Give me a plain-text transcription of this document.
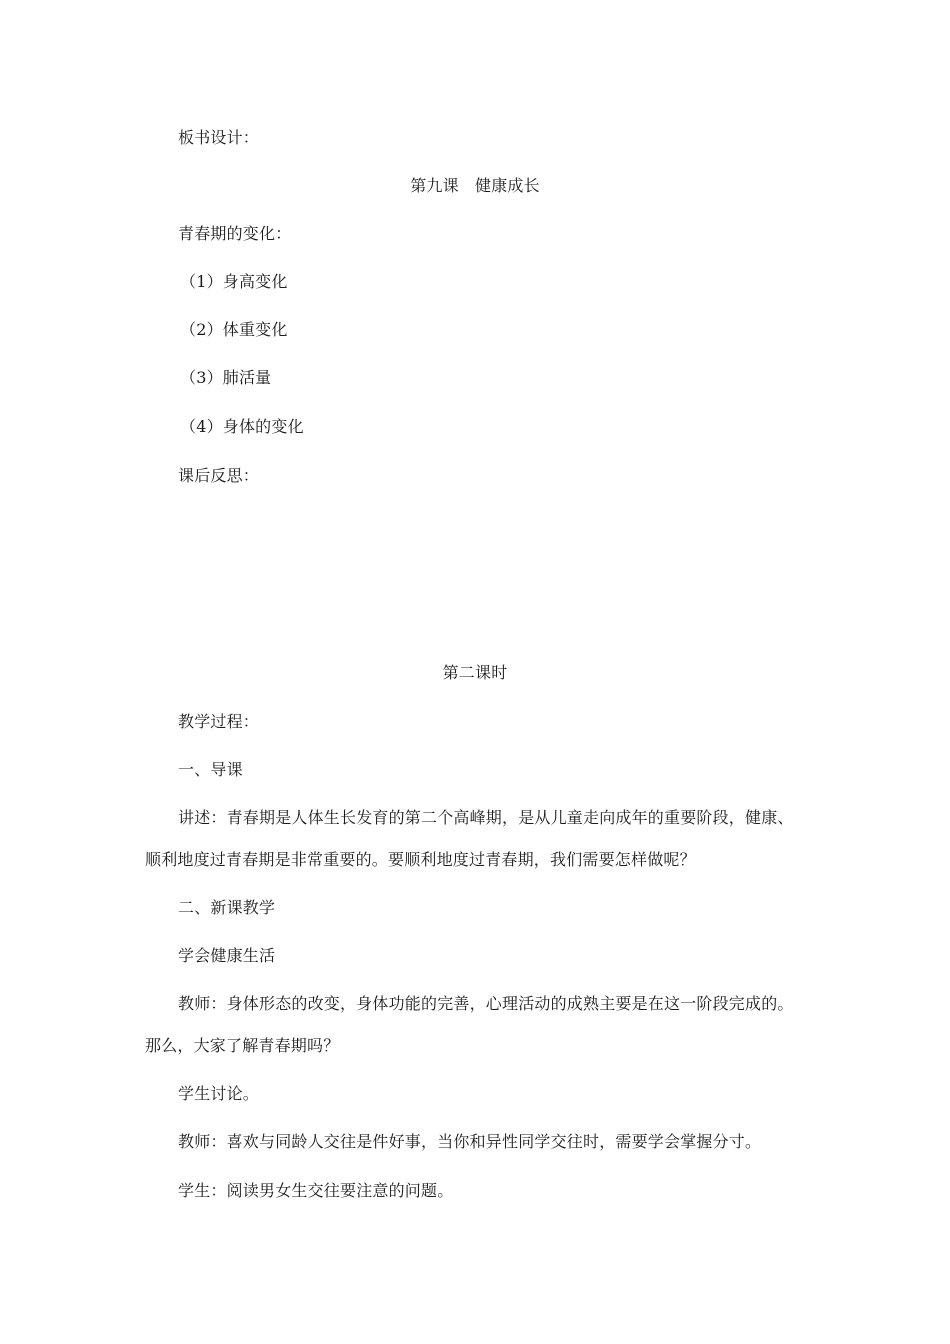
板书设计：
第九课　健康成长
青春期的变化：
（1）身高变化
（2）体重变化
（3）肺活量
（4）身体的变化
课后反思：
第二课时
教学过程：
一、导课
讲述：青春期是人体生长发育的第二个高峰期，是从儿童走向成年的重要阶段，健康、
顺利地度过青春期是非常重要的。要顺利地度过青春期，我们需要怎样做呢？
二、新课教学
学会健康生活
教师：身体形态的改变，身体功能的完善，心理活动的成熟主要是在这一阶段完成的。
那么，大家了解青春期吗？
学生讨论。
教师：喜欢与同龄人交往是件好事，当你和异性同学交往时，需要学会掌握分寸。
学生：阅读男女生交往要注意的问题。
